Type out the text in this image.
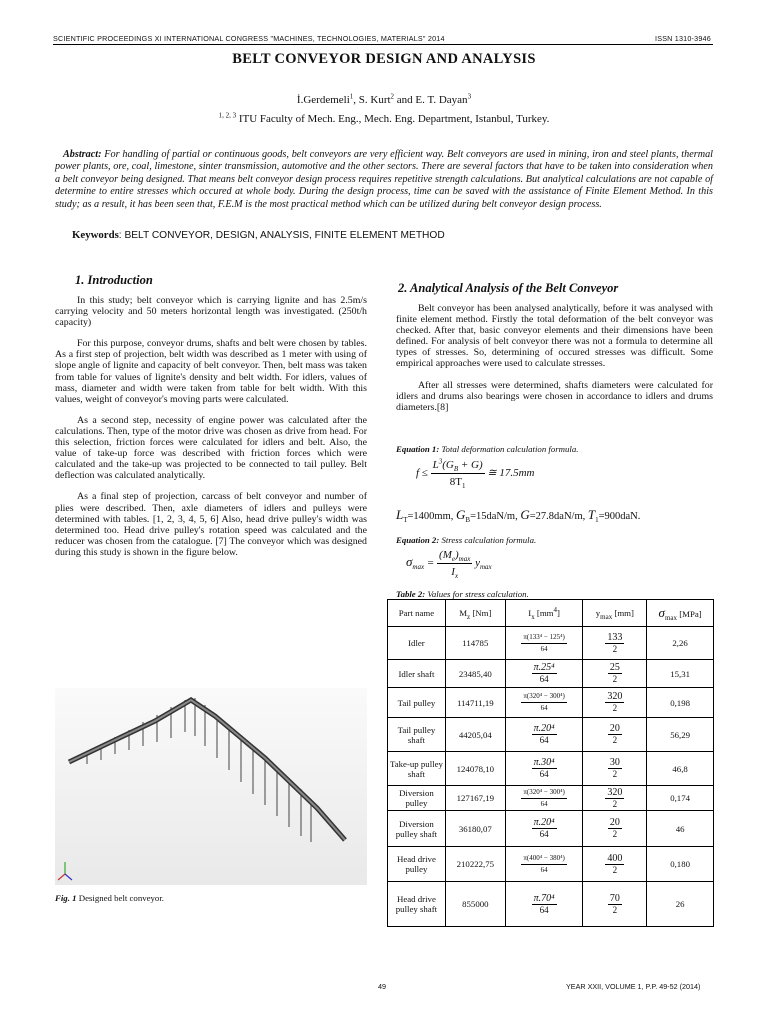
SCIENTIFIC PROCEEDINGS XI INTERNATIONAL CONGRESS "MACHINES, TECHNOLOGIES, MATERIALS" 2014	ISSN 1310-3946
BELT CONVEYOR DESIGN AND ANALYSIS
İ.Gerdemeli$^1$, S. Kurt$^2$ and E. T. Dayan$^3$
$^{1, 2, 3}$ ITU Faculty of Mech. Eng., Mech. Eng. Department, Istanbul, Turkey.
Abstract: For handling of partial or continuous goods, belt conveyors are very efficient way. Belt conveyors are used in mining, iron and steel plants, thermal power plants, ore, coal, limestone, sinter transmission, automotive and the other sectors. There are several factors that have to be taken into consideration when a belt conveyor being designed. That means belt conveyor design process requires repetitive strength calculations. But analytical calculations are not capable of determine to entire stresses which occured at whole body. During the design process, time can be saved with the assistance of Finite Element Method. In this study; as a result, it has been seen that, F.E.M is the most practical method which can be utilized during belt conveyor design process.
Keywords: BELT CONVEYOR, DESIGN, ANALYSIS, FINITE ELEMENT METHOD
1. Introduction

In this study; belt conveyor which is carrying lignite and has 2.5m/s carrying velocity and 50 meters horizontal length was investigated. (250t/h capacity)

For this purpose, conveyor drums, shafts and belt were chosen by tables. As a first step of projection, belt width was described as 1 meter with using of slope angle of lignite and capacity of belt conveyor. Then, belt mass was taken from table for values of lignite's density and belt width. For idlers, values of mass, diameter and width were taken from table for belt width. With this values, weight of conveyor's moving parts were calculated.

As a second step, necessity of engine power was calculated after the calculations. Then, type of the motor drive was chosen as drive from head. For this selection, friction forces were calculated for idlers and belt. Also, the value of take-up force was described with friction forces which were calculated and the take-up was projected to be connected to tail pulley. Belt deflection was calculated analytically.

As a final step of projection, carcass of belt conveyor and number of plies were described. Then, axle diameters of idlers and pulleys were determined with tables. [1, 2, 3, 4, 5, 6] Also, head drive pulley's width was determined too. Head drive pulley's rotation speed was calculated and the reducer was chosen from the catalogue. [7] The conveyor which was designed during this study is shown in the figure below.

Fig. 1 Designed belt conveyor.
2. Analytical Analysis of the Belt Conveyor

Belt conveyor has been analysed analytically, before it was analysed with finite element method. Firstly the total deformation of the belt conveyor was checked. After that, basic conveyor elements and their dimensions have been defined. For analysis of belt conveyor there was not a formula to determine all types of stresses. So, determining of occured stresses was difficult. Some empirical approaches were used to calculate stresses.

After all stresses were determined, shafts diameters were calculated for idlers and drums also bearings were chosen in accordance to idlers and drums diameters.[8]

Equation 1: Total deformation calculation formula.
$f \le \frac{L^3(G_B + G)}{8T_1}$ ≅ 17.5mm
$L_T=1400mm$, $G_B=15daN/m$, G=27.8daN/m, $T_1=900daN$.
Equation 2: Stress calculation formula.
$\sigma_{max} = \frac{(M_e)_{max}}{I_x} y_{max}$
Table 2: Values for stress calculation.
Part name	$M_z$ [Nm]	$I_x$ $[mm^4]$	$y_{max}$ [mm]	$\sigma_{max}$ [MPa]
Idler	114785	$\frac{\text{π(133⁴ − 125⁴)}}{64}$	$\frac{133}{2}$	2,26
Idler shaft	23485,40	$\frac{\text{π.25⁴}}{64}$	$\frac{25}{2}$	15,31
Tail pulley	114711,19	$\frac{\text{π(320⁴ − 300⁴)}}{64}$	$\frac{320}{2}$	0,198
Tail pulley shaft	44205,04	$\frac{\text{π.20⁴}}{64}$	$\frac{20}{2}$	56,29
Take-up pulley shaft	124078,10	$\frac{\text{π.30⁴}}{64}$	$\frac{30}{2}$	46,8
Diversion pulley	127167,19	$\frac{\text{π(320⁴ − 300⁴)}}{64}$	$\frac{320}{2}$	0,174
Diversion pulley shaft	36180,07	$\frac{\text{π.20⁴}}{64}$	$\frac{20}{2}$	46
Head drive pulley	210222,75	$\frac{\text{π(400⁴ − 380⁴)}}{64}$	$\frac{400}{2}$	0,180
Head drive pulley shaft	855000	$\frac{\text{π.70⁴}}{64}$	$\frac{70}{2}$	26
49	YEAR XXII, VOLUME 1, P.P. 49-52 (2014)
